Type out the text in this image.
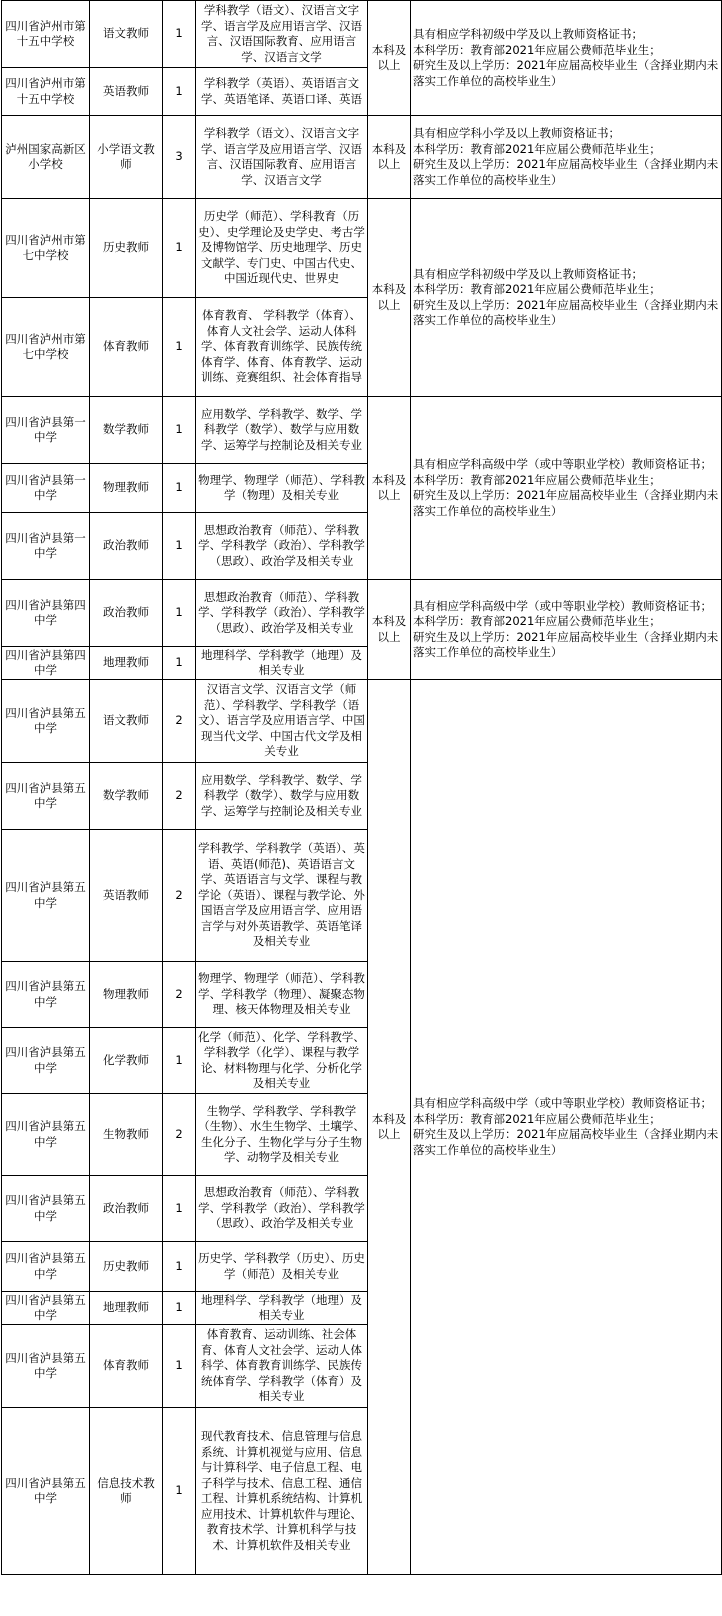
四川省泸州市第十五中学校	语文教师	1	学科教学（语文）、汉语言文字学、语言学及应用语言学、汉语言、汉语国际教育、应用语言学、汉语言文学	本科及以上	具有相应学科初级中学及以上教师资格证书；
本科学历：教育部2021年应届公费师范毕业生；
研究生及以上学历：2021年应届高校毕业生（含择业期内未落实工作单位的高校毕业生）
四川省泸州市第十五中学校	英语教师	1	学科教学（英语）、英语语言文学、英语笔译、英语口译、英语		
泸州国家高新区小学校	小学语文教师	3	学科教学（语文）、汉语言文字学、语言学及应用语言学、汉语言、汉语国际教育、应用语言学、汉语言文学	本科及以上	具有相应学科小学及以上教师资格证书；
本科学历：教育部2021年应届公费师范毕业生；
研究生及以上学历：2021年应届高校毕业生（含择业期内未落实工作单位的高校毕业生）
四川省泸州市第七中学校	历史教师	1	历史学（师范）、学科教育（历史）、史学理论及史学史、考古学及博物馆学、历史地理学、历史文献学、专门史、中国古代史、中国近现代史、世界史	本科及以上	具有相应学科初级中学及以上教师资格证书；
本科学历：教育部2021年应届公费师范毕业生；
研究生及以上学历：2021年应届高校毕业生（含择业期内未落实工作单位的高校毕业生）
四川省泸州市第七中学校	体育教师	1	体育教育、 学科教学（体育）、体育人文社会学、运动人体科学、体育教育训练学、民族传统体育学、体育、体育教学、运动训练、竞赛组织、社会体育指导		
四川省泸县第一中学	数学教师	1	应用数学、学科教学、数学、学科教学（数学）、数学与应用数学、运筹学与控制论及相关专业	本科及以上	具有相应学科高级中学（或中等职业学校）教师资格证书；
本科学历：教育部2021年应届公费师范毕业生；
研究生及以上学历：2021年应届高校毕业生（含择业期内未落实工作单位的高校毕业生）
四川省泸县第一中学	物理教师	1	物理学、物理学（师范）、学科教学（物理）及相关专业		
四川省泸县第一中学	政治教师	1	思想政治教育（师范）、学科教学、学科教学（政治）、学科教学（思政）、政治学及相关专业		
四川省泸县第四中学	政治教师	1	思想政治教育（师范）、学科教学、学科教学（政治）、学科教学（思政）、政治学及相关专业	本科及以上	具有相应学科高级中学（或中等职业学校）教师资格证书；
本科学历：教育部2021年应届公费师范毕业生；
研究生及以上学历：2021年应届高校毕业生（含择业期内未落实工作单位的高校毕业生）
四川省泸县第四中学	地理教师	1	地理科学、学科教学（地理）及相关专业		
四川省泸县第五中学	语文教师	2	汉语言文学、汉语言文学（师范）、学科教学、学科教学（语文）、语言学及应用语言学、中国现当代文学、中国古代文学及相关专业	本科及以上	具有相应学科高级中学（或中等职业学校）教师资格证书；
本科学历：教育部2021年应届公费师范毕业生；
研究生及以上学历：2021年应届高校毕业生（含择业期内未落实工作单位的高校毕业生）
四川省泸县第五中学	数学教师	2	应用数学、学科教学、数学、学科教学（数学）、数学与应用数学、运筹学与控制论及相关专业		
四川省泸县第五中学	英语教师	2	学科教学、学科教学（英语）、英语、英语(师范)、英语语言文学、英语语言与文学、课程与教学论（英语）、课程与教学论、外国语言学及应用语言学、应用语言学与对外英语教学、英语笔译及相关专业		
四川省泸县第五中学	物理教师	2	物理学、物理学（师范）、学科教学、学科教学（物理）、凝聚态物理、核天体物理及相关专业		
四川省泸县第五中学	化学教师	1	化学（师范）、化学、学科教学、学科教学（化学）、课程与教学论、材料物理与化学、分析化学及相关专业		
四川省泸县第五中学	生物教师	2	生物学、学科教学、学科教学（生物）、水生生物学、土壤学、生化分子、生物化学与分子生物学、动物学及相关专业		
四川省泸县第五中学	政治教师	1	思想政治教育（师范）、学科教学、学科教学（政治）、学科教学（思政）、政治学及相关专业		
四川省泸县第五中学	历史教师	1	历史学、学科教学（历史）、历史学（师范）及相关专业		
四川省泸县第五中学	地理教师	1	地理科学、学科教学（地理）及相关专业		
四川省泸县第五中学	体育教师	1	体育教育、运动训练、社会体育、体育人文社会学、运动人体科学、体育教育训练学、民族传统体育学、学科教学（体育）及相关专业		
四川省泸县第五中学	信息技术教师	1	现代教育技术、信息管理与信息系统、计算机视觉与应用、信息与计算科学、电子信息工程、电子科学与技术、信息工程、通信工程、计算机系统结构、计算机应用技术、计算机软件与理论、教育技术学、计算机科学与技术、计算机软件及相关专业		
